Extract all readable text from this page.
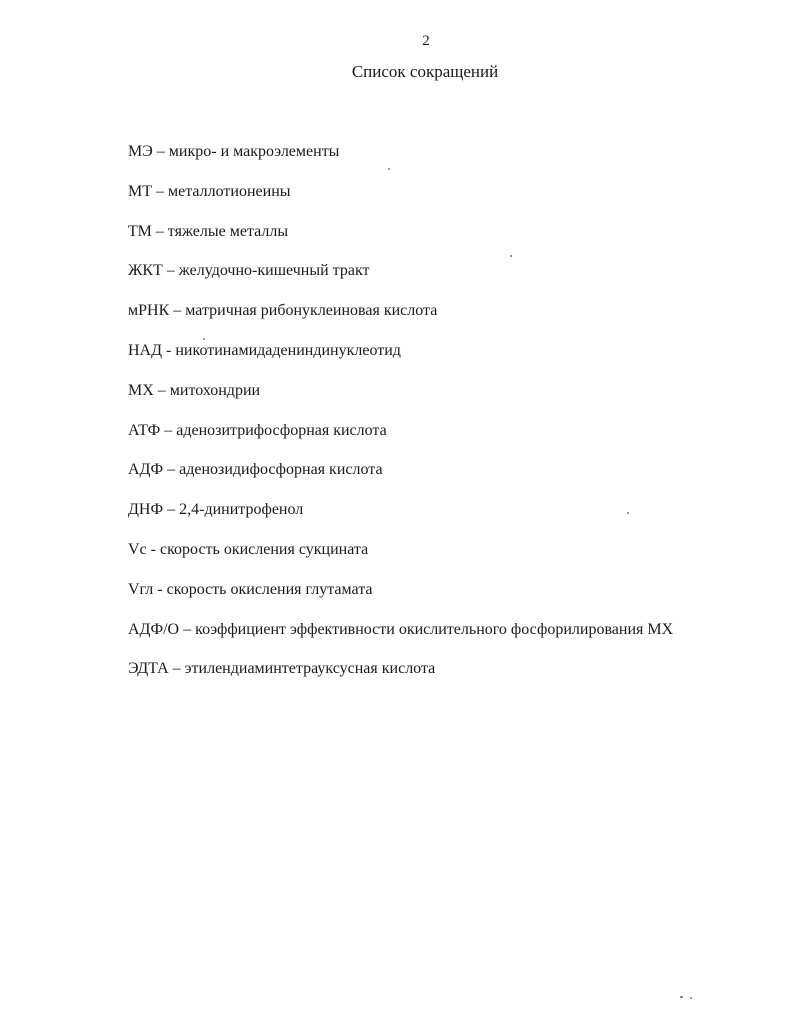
2
Список сокращений
МЭ – микро- и макроэлементы
МТ – металлотионеины
ТМ – тяжелые металлы
ЖКТ – желудочно-кишечный тракт
мРНК – матричная рибонуклеиновая кислота
НАД - никотинамидадениндинуклеотид
МХ – митохондрии
АТФ – аденозитрифосфорная кислота
АДФ – аденозидифосфорная кислота
ДНФ – 2,4-динитрофенол
Vc - скорость окисления сукцината
Vгл - скорость окисления глутамата
АДФ/О – коэффициент эффективности окислительного фосфорилирования МХ
ЭДТА – этилендиаминтетрауксусная кислота
